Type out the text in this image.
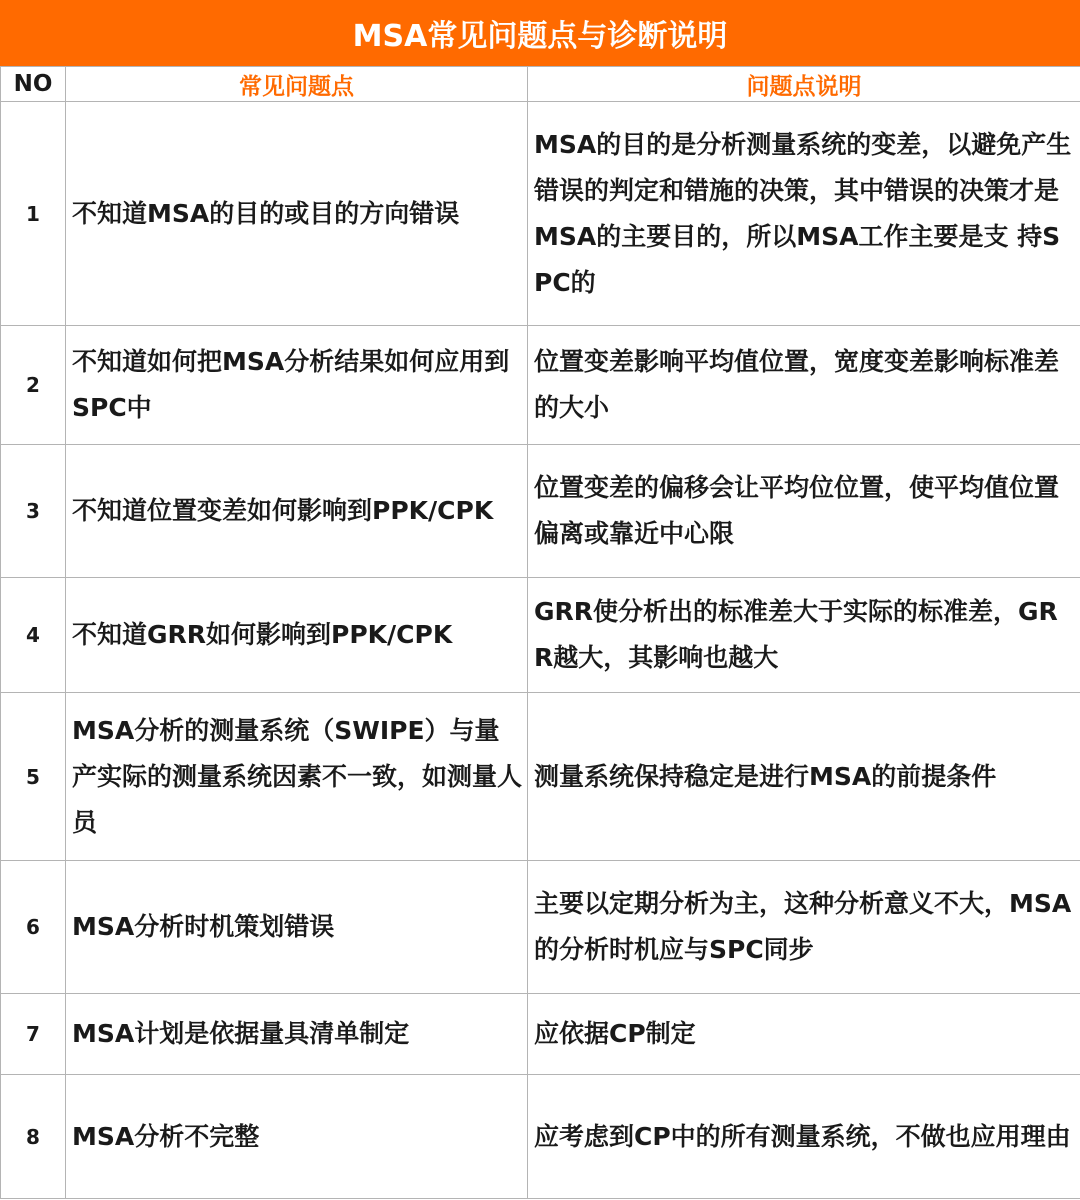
MSA常见问题点与诊断说明
NO	常见问题点	问题点说明
1	不知道MSA的目的或目的方向错误	MSA的目的是分析测量系统的变差，以避免产生错误的判定和错施的决策，其中错误的决策才是MSA的主要目的，所以MSA工作主要是支 持SPC的
2	不知道如何把MSA分析结果如何应用到SPC中	位置变差影响平均值位置，宽度变差影响标准差的大小
3	不知道位置变差如何影响到PPK/CPK	位置变差的偏移会让平均位位置，使平均值位置偏离或靠近中心限
4	不知道GRR如何影响到PPK/CPK	GRR使分析出的标准差大于实际的标准差，GRR越大，其影响也越大
5	MSA分析的测量系统（SWIPE）与量产实际的测量系统因素不一致，如测量人员	测量系统保持稳定是进行MSA的前提条件
6	MSA分析时机策划错误	主要以定期分析为主，这种分析意义不大，MSA的分析时机应与SPC同步
7	MSA计划是依据量具清单制定	应依据CP制定
8	MSA分析不完整	应考虑到CP中的所有测量系统，不做也应用理由
